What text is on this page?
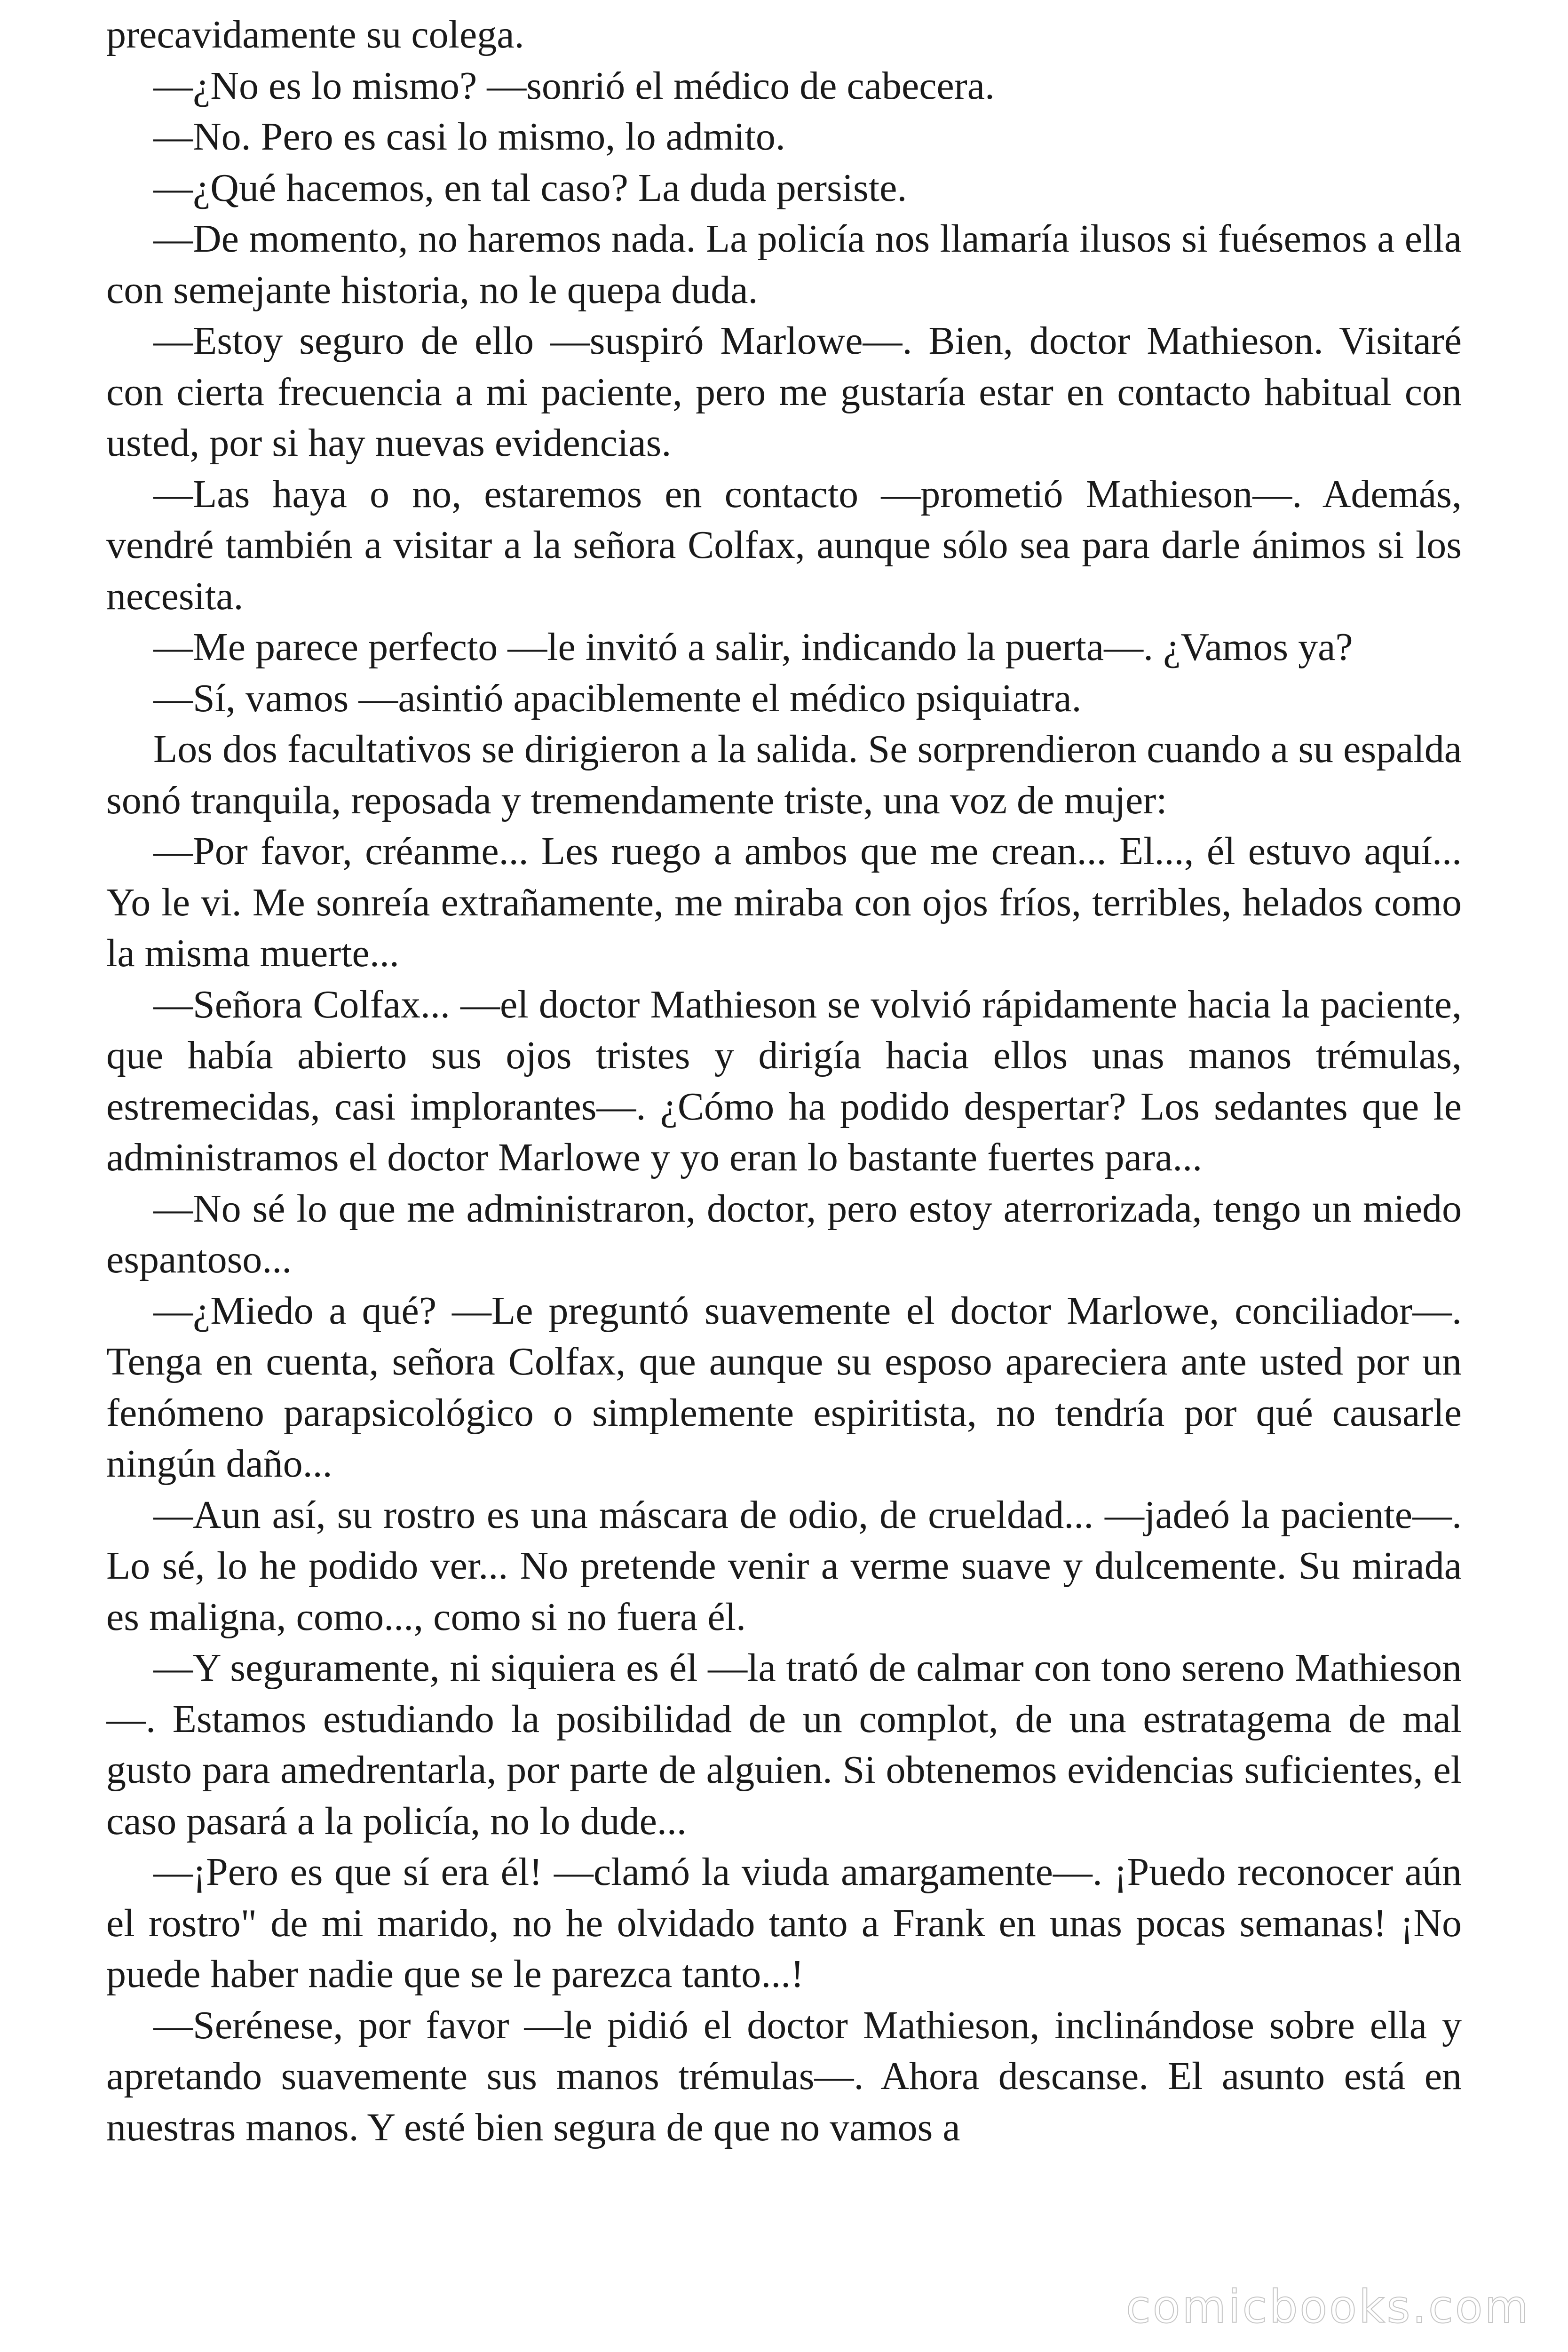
precavidamente su colega.

—¿No es lo mismo? —sonrió el médico de cabecera.

—No. Pero es casi lo mismo, lo admito.

—¿Qué hacemos, en tal caso? La duda persiste.

—De momento, no haremos nada. La policía nos llamaría ilusos si fuésemos a ella con semejante historia, no le quepa duda.

—Estoy seguro de ello —suspiró Marlowe—. Bien, doctor Mathieson. Visitaré con cierta frecuencia a mi paciente, pero me gustaría estar en contacto habitual con usted, por si hay nuevas evidencias.

—Las haya o no, estaremos en contacto —prometió Mathieson—. Además, vendré también a visitar a la señora Colfax, aunque sólo sea para darle ánimos si los necesita.

—Me parece perfecto —le invitó a salir, indicando la puerta—. ¿Vamos ya?

—Sí, vamos —asintió apaciblemente el médico psiquiatra.

Los dos facultativos se dirigieron a la salida. Se sorprendieron cuando a su espalda sonó tranquila, reposada y tremendamente triste, una voz de mujer:

—Por favor, créanme... Les ruego a ambos que me crean... El..., él estuvo aquí... Yo le vi. Me sonreía extrañamente, me miraba con ojos fríos, terribles, helados como la misma muerte...

—Señora Colfax... —el doctor Mathieson se volvió rápidamente hacia la paciente, que había abierto sus ojos tristes y dirigía hacia ellos unas manos trémulas, estremecidas, casi implorantes—. ¿Cómo ha podido despertar? Los sedantes que le administramos el doctor Marlowe y yo eran lo bastante fuertes para...

—No sé lo que me administraron, doctor, pero estoy aterrorizada, tengo un miedo espantoso...

—¿Miedo a qué? —Le preguntó suavemente el doctor Marlowe, conciliador—. Tenga en cuenta, señora Colfax, que aunque su esposo apareciera ante usted por un fenómeno parapsicológico o simplemente espiritista, no tendría por qué causarle ningún daño...

—Aun así, su rostro es una máscara de odio, de crueldad... —jadeó la paciente—. Lo sé, lo he podido ver... No pretende venir a verme suave y dulcemente. Su mirada es maligna, como..., como si no fuera él.

—Y seguramente, ni siquiera es él —la trató de calmar con tono sereno Mathieson—. Estamos estudiando la posibilidad de un complot, de una estratagema de mal gusto para amedrentarla, por parte de alguien. Si obtenemos evidencias suficientes, el caso pasará a la policía, no lo dude...

—¡Pero es que sí era él! —clamó la viuda amargamente—. ¡Puedo reconocer aún el rostro" de mi marido, no he olvidado tanto a Frank en unas pocas semanas! ¡No puede haber nadie que se le parezca tanto...!

—Serénese, por favor —le pidió el doctor Mathieson, inclinándose sobre ella y apretando suavemente sus manos trémulas—. Ahora descanse. El asunto está en nuestras manos. Y esté bien segura de que no vamos a

comicbooks.com
